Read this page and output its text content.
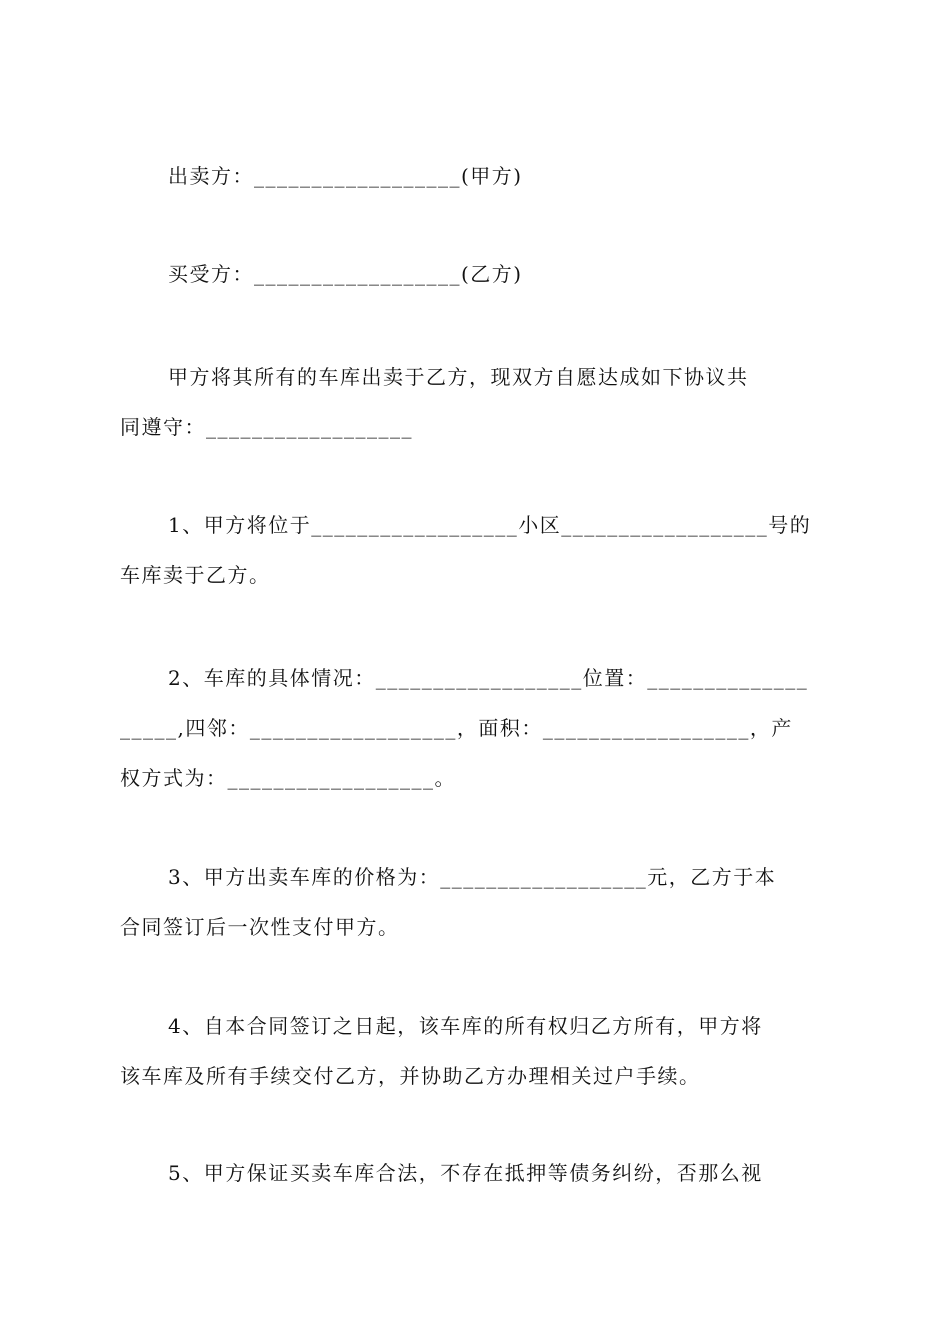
出卖方：__________________(甲方)

买受方：__________________(乙方)

甲方将其所有的车库出卖于乙方，现双方自愿达成如下协议共
同遵守：__________________

1、甲方将位于__________________小区__________________号的
车库卖于乙方。

2、车库的具体情况：__________________位置：______________
_____,四邻：__________________，面积：__________________，产
权方式为：__________________。

3、甲方出卖车库的价格为：__________________元，乙方于本
合同签订后一次性支付甲方。

4、自本合同签订之日起，该车库的所有权归乙方所有，甲方将
该车库及所有手续交付乙方，并协助乙方办理相关过户手续。

5、甲方保证买卖车库合法，不存在抵押等债务纠纷，否那么视
